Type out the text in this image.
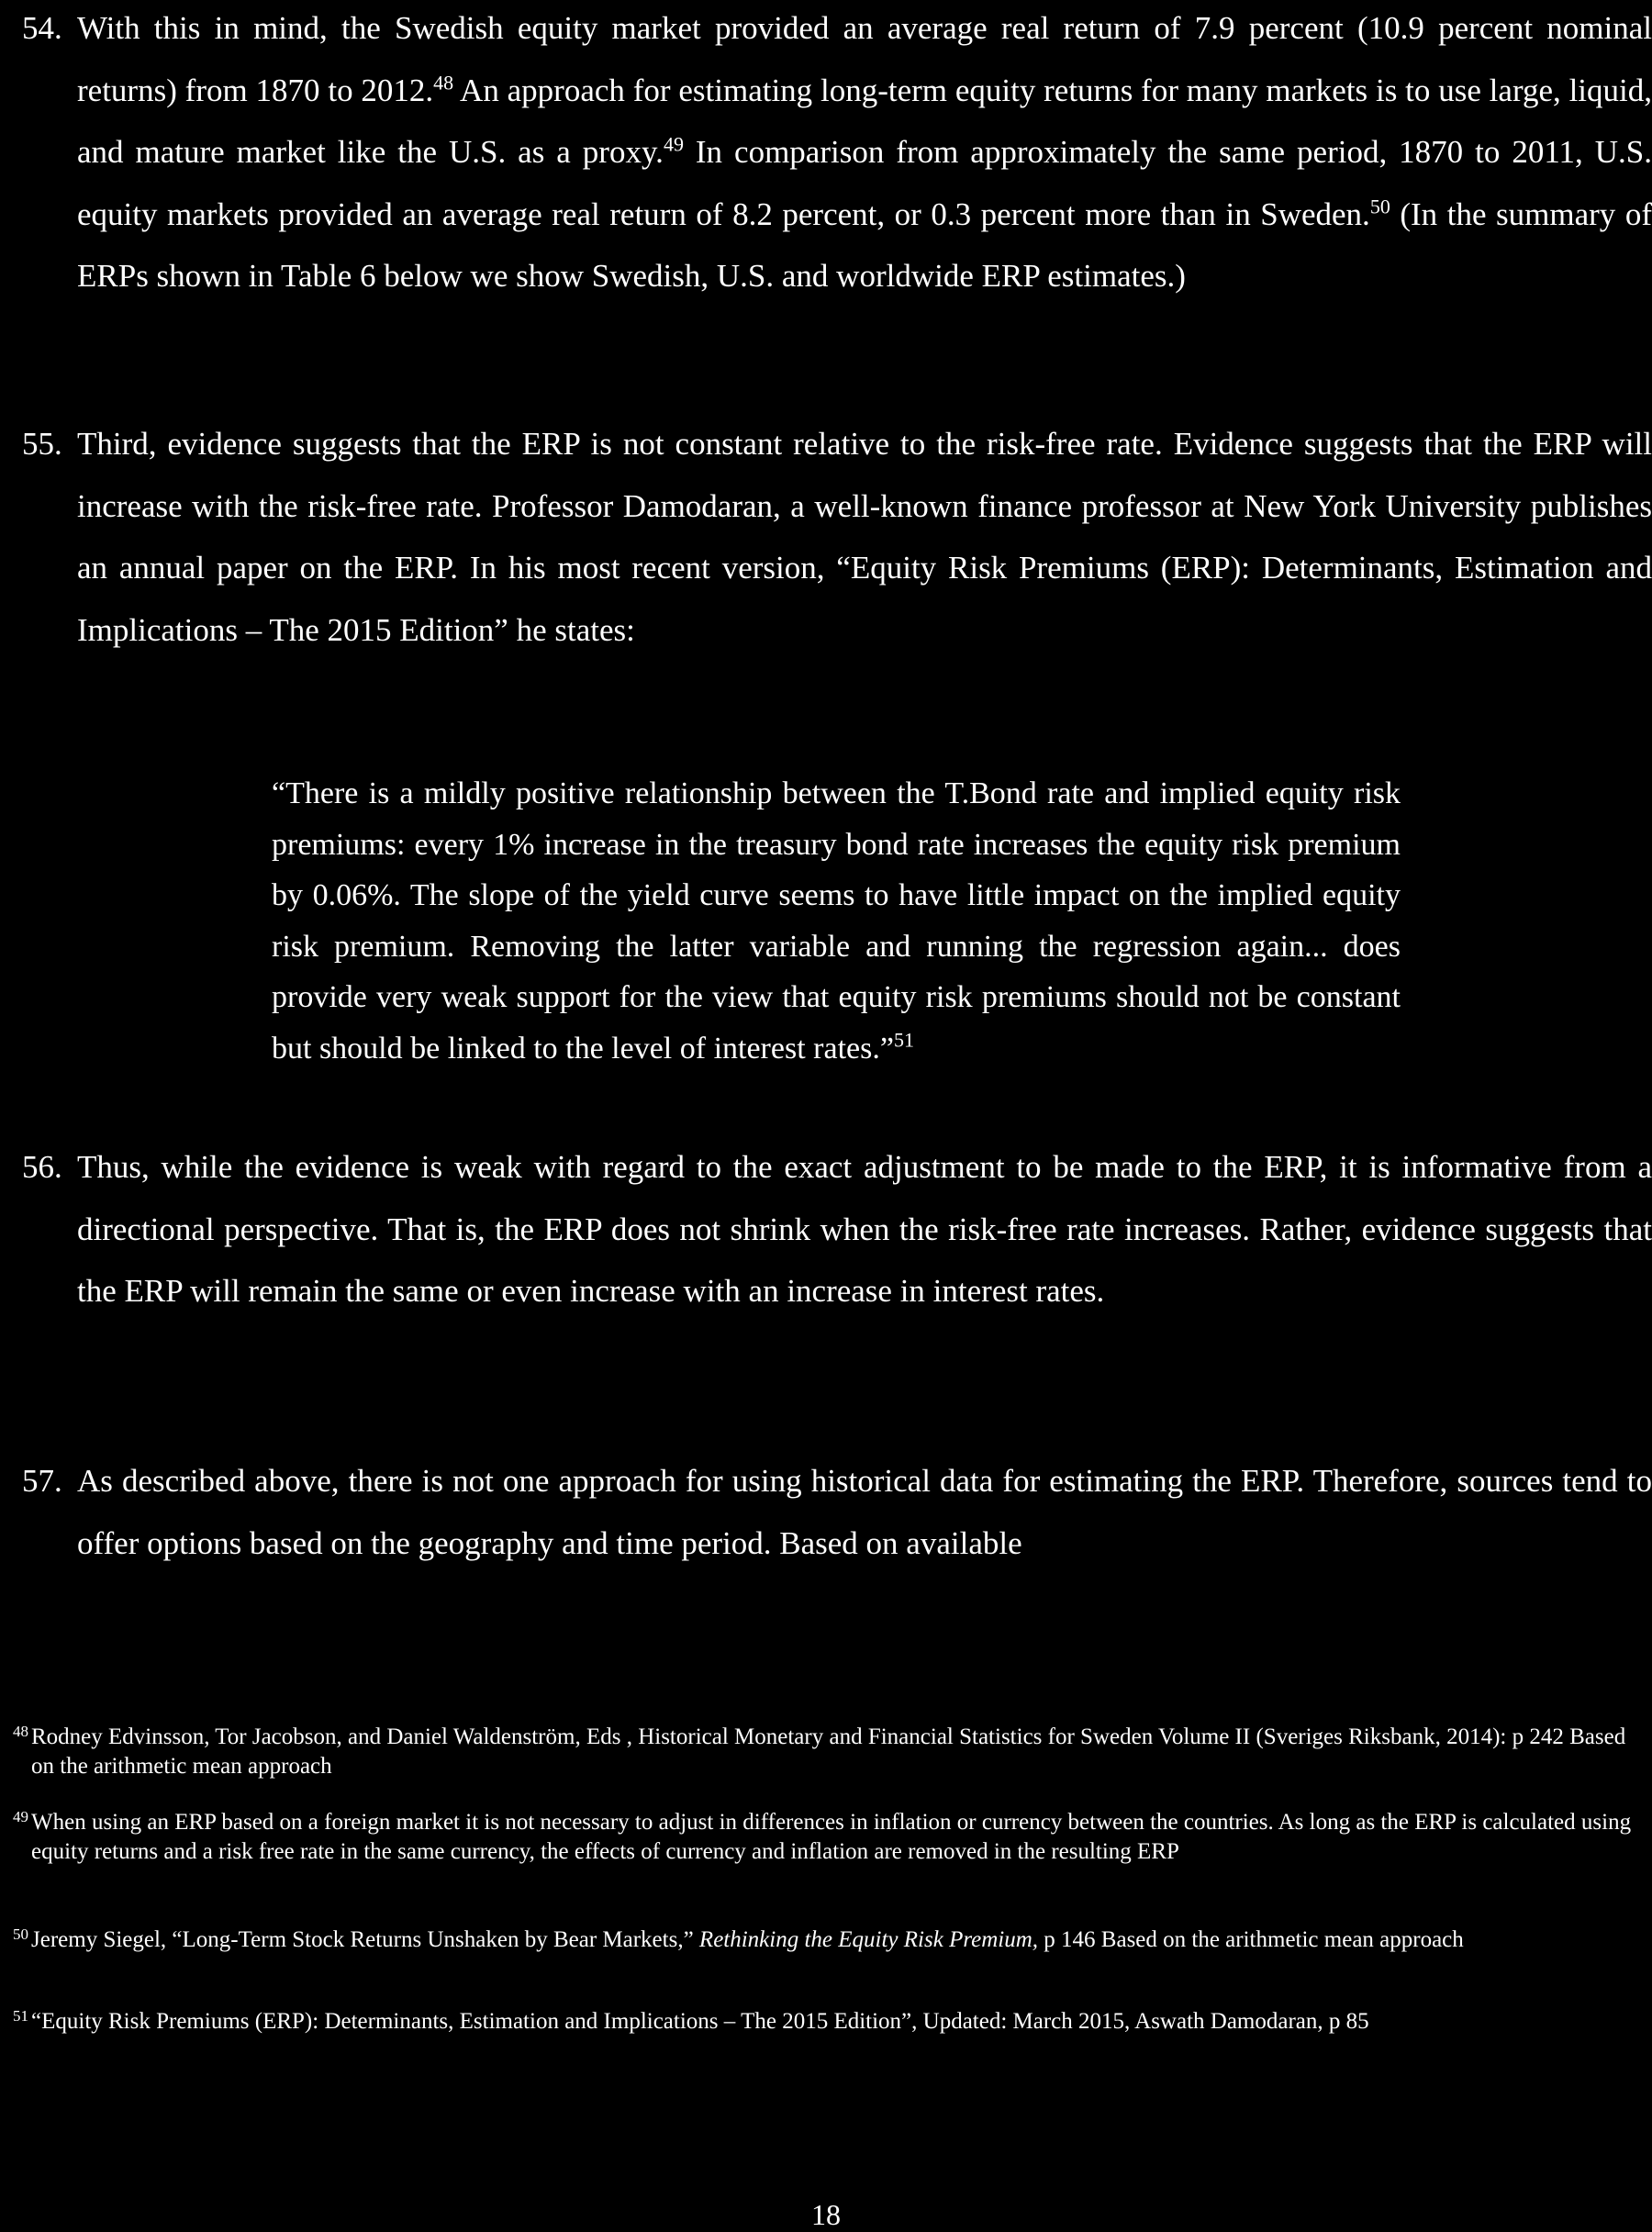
54. With this in mind, the Swedish equity market provided an average real return of 7.9 percent (10.9 percent nominal returns) from 1870 to 2012.48 An approach for estimating long-term equity returns for many markets is to use large, liquid, and mature market like the U.S. as a proxy.$^{49}$ In comparison from approximately the same period, 1870 to 2011, U.S. equity markets provided an average real return of 8.2 percent, or 0.3 percent more than in Sweden.$^{50}$ (In the summary of ERPs shown in Table 6 below we show Swedish, U.S. and worldwide ERP estimates.)
55. Third, evidence suggests that the ERP is not constant relative to the risk-free rate. Evidence suggests that the ERP will increase with the risk-free rate. Professor Damodaran, a well-known finance professor at New York University publishes an annual paper on the ERP. In his most recent version, “Equity Risk Premiums (ERP): Determinants, Estimation and Implications – The 2015 Edition” he states:
“There is a mildly positive relationship between the T.Bond rate and implied equity risk premiums: every 1% increase in the treasury bond rate increases the equity risk premium by 0.06%. The slope of the yield curve seems to have little impact on the implied equity risk premium. Removing the latter variable and running the regression again... does provide very weak support for the view that equity risk premiums should not be constant but should be linked to the level of interest rates.”$^{51}$
56. Thus, while the evidence is weak with regard to the exact adjustment to be made to the ERP, it is informative from a directional perspective. That is, the ERP does not shrink when the risk-free rate increases. Rather, evidence suggests that the ERP will remain the same or even increase with an increase in interest rates.
57. As described above, there is not one approach for using historical data for estimating the ERP. Therefore, sources tend to offer options based on the geography and time period. Based on available
48 Rodney Edvinsson, Tor Jacobson, and Daniel Waldenström, Eds , Historical Monetary and Financial Statistics for Sweden Volume II (Sveriges Riksbank, 2014): p 242 Based on the arithmetic mean approach
49 When using an ERP based on a foreign market it is not necessary to adjust in differences in inflation or currency between the countries. As long as the ERP is calculated using equity returns and a risk free rate in the same currency, the effects of currency and inflation are removed in the resulting ERP
50 Jeremy Siegel, “Long-Term Stock Returns Unshaken by Bear Markets,” Rethinking the Equity Risk Premium, p 146 Based on the arithmetic mean approach
51 “Equity Risk Premiums (ERP): Determinants, Estimation and Implications – The 2015 Edition”, Updated: March 2015, Aswath Damodaran, p 85
18
